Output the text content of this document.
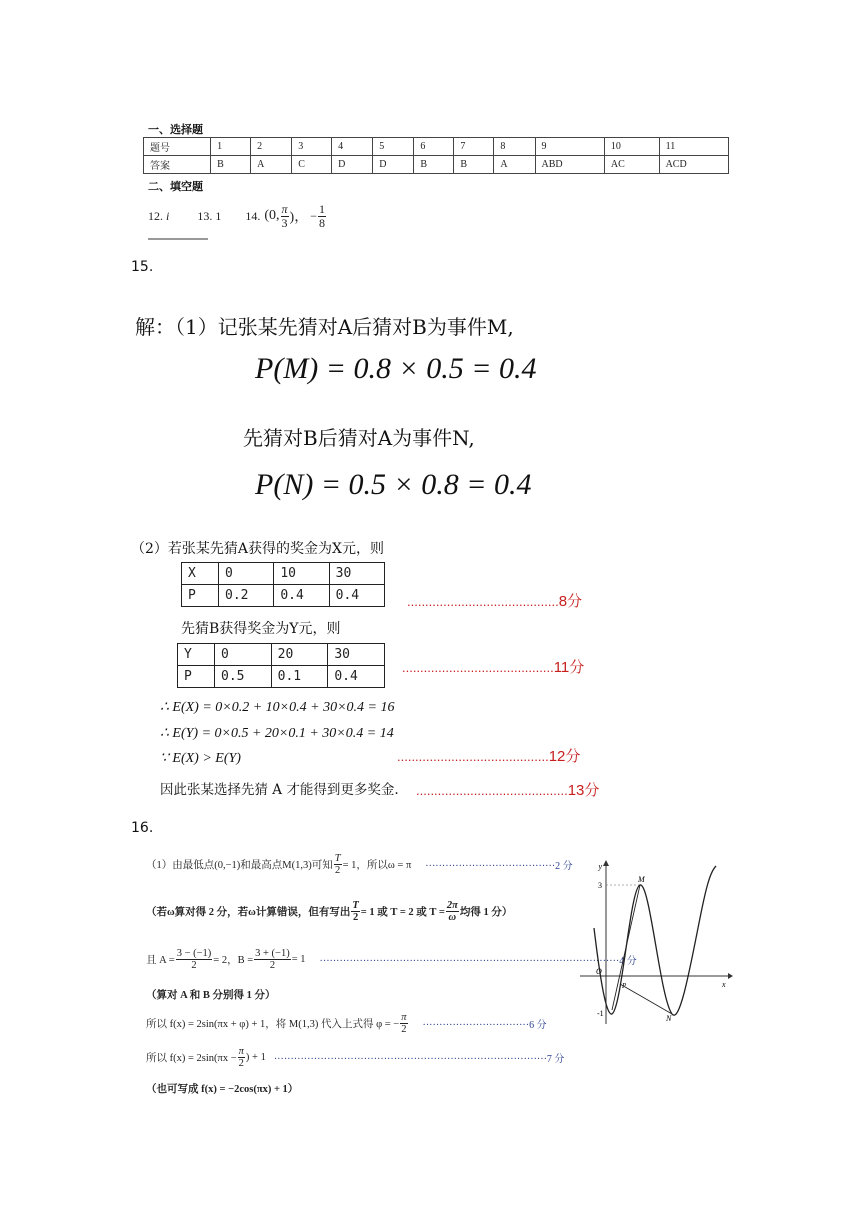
一、选择题
题号	1	2	3	4	5	6	7	8	9	10	11
答案	B	A	C	D	D	B	B	A	ABD	AC	ACD
二、填空题
12. i 13. 1 14. (0, $\frac{\pi}{3}$ )， − $\frac{1}{8}$
15.
解：（1）记张某先猜对A后猜对B为事件M,
P(M) = 0.8 × 0.5 = 0.4
先猜对B后猜对A为事件N,
P(N) = 0.5 × 0.8 = 0.4
（2）若张某先猜A获得的奖金为X元，则
X	0	10	30
P	0.2	0.4	0.4	..........................................8分
先猜B获得奖金为Y元，则
Y	0	20	30
P	0.5	0.1	0.4
..........................................11分
∴ E(X) = 0×0.2 + 10×0.4 + 30×0.4 = 16
∴ E(Y) = 0×0.5 + 20×0.1 + 30×0.4 = 14
∵ E(X) > E(Y)	..........................................12分
因此张某选择先猜 A 才能得到更多奖金. ..........................................13分
16.
（1）由最低点(0,−1)和最高点M(1,3)可知 $\frac{T}{2} = 1$，所以ω = π ·······································2 分
（若ω算对得 2 分，若ω计算错误，但有写出 $\frac{T}{2} = 1$ 或 T = 2 或 $T = \frac{2\pi}{\omega}$ 均得 1 分）
且 $A = \frac{3 - (-1)}{2} = 2$，$B = \frac{3 + (-1)}{2} = 1 \cdot\cdot\cdot\cdot\cdot\cdot\cdot\cdot\cdot\cdot\cdot\cdot\cdot\cdot\cdot\cdot\cdot\cdot\cdot\cdot\cdot\cdot\cdot\cdot\cdot\cdot\cdot\cdot\cdot\cdot\cdot\cdot\cdot\cdot\cdot\cdot\cdot\cdot\cdot\cdot\cdot\cdot\cdot\cdot\cdot\cdot\cdot\cdot\cdot\cdot\cdot\cdot\cdot\cdot\cdot\cdot\cdot\cdot\cdot\cdot\cdot\cdot\cdot\cdot\cdot\cdot\cdot\cdot\cdot\cdot\cdot\cdot\cdot\cdot\cdot\cdot\cdot\cdot\cdot\cdot\cdot\cdot\cdot\cdot\cdot\cdot\cdot\cdot\cdot\cdot 4$ 分
（算对 A 和 B 分别得 1 分）
所以 f(x) = 2sin(πx + φ) + 1，将 M(1,3) 代入上式得 φ = − $\frac{\pi}{2} \cdot\cdot\cdot\cdot\cdot\cdot\cdot\cdot\cdot\cdot\cdot\cdot\cdot\cdot\cdot\cdot\cdot\cdot\cdot\cdot\cdot\cdot\cdot\cdot\cdot\cdot\cdot\cdot\cdot\cdot\cdot\cdot 6$ 分
所以 $f(x) = 2\sin(\pi x - \frac{\pi}{2}$ ) + 1 ··················································································7 分
（也可写成 f(x) = −2cos(πx) + 1）
y
x
O
3
-1
M
N
P
